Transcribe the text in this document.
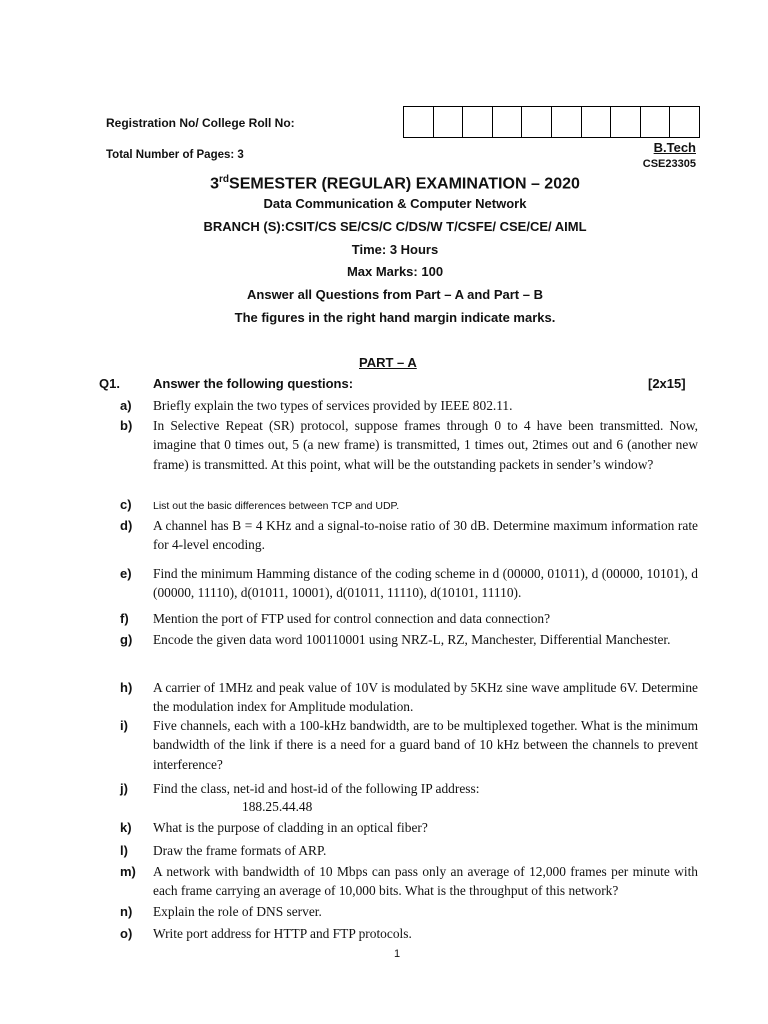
Registration No/ College Roll No:
Total Number of Pages: 3	B.Tech
CSE23305
3rdSEMESTER (REGULAR) EXAMINATION – 2020
Data Communication & Computer Network
BRANCH (S):CSIT/CS SE/CS/C C/DS/W T/CSFE/ CSE/CE/ AIML
Time: 3 Hours
Max Marks: 100
Answer all Questions from Part – A and Part – B
The figures in the right hand margin indicate marks.
PART – A
Q1.	Answer the following questions:	[2x15]
a) Briefly explain the two types of services provided by IEEE 802.11.
b) In Selective Repeat (SR) protocol, suppose frames through 0 to 4 have been transmitted. Now, imagine that 0 times out, 5 (a new frame) is transmitted, 1 times out, 2times out and 6 (another new frame) is transmitted. At this point, what will be the outstanding packets in sender’s window?
c) List out the basic differences between TCP and UDP.
d) A channel has B = 4 KHz and a signal-to-noise ratio of 30 dB. Determine maximum information rate for 4-level encoding.
e) Find the minimum Hamming distance of the coding scheme in d (00000, 01011), d (00000, 10101), d (00000, 11110), d(01011, 10001), d(01011, 11110), d(10101, 11110).
f) Mention the port of FTP used for control connection and data connection?
g) Encode the given data word 100110001 using NRZ-L, RZ, Manchester, Differential Manchester.
h) A carrier of 1MHz and peak value of 10V is modulated by 5KHz sine wave amplitude 6V. Determine the modulation index for Amplitude modulation.
i) Five channels, each with a 100-kHz bandwidth, are to be multiplexed together. What is the minimum bandwidth of the link if there is a need for a guard band of 10 kHz between the channels to prevent interference?
j) Find the class, net-id and host-id of the following IP address:
188.25.44.48
k) What is the purpose of cladding in an optical fiber?
l) Draw the frame formats of ARP.
m) A network with bandwidth of 10 Mbps can pass only an average of 12,000 frames per minute with each frame carrying an average of 10,000 bits. What is the throughput of this network?
n) Explain the role of DNS server.
o) Write port address for HTTP and FTP protocols.
1
